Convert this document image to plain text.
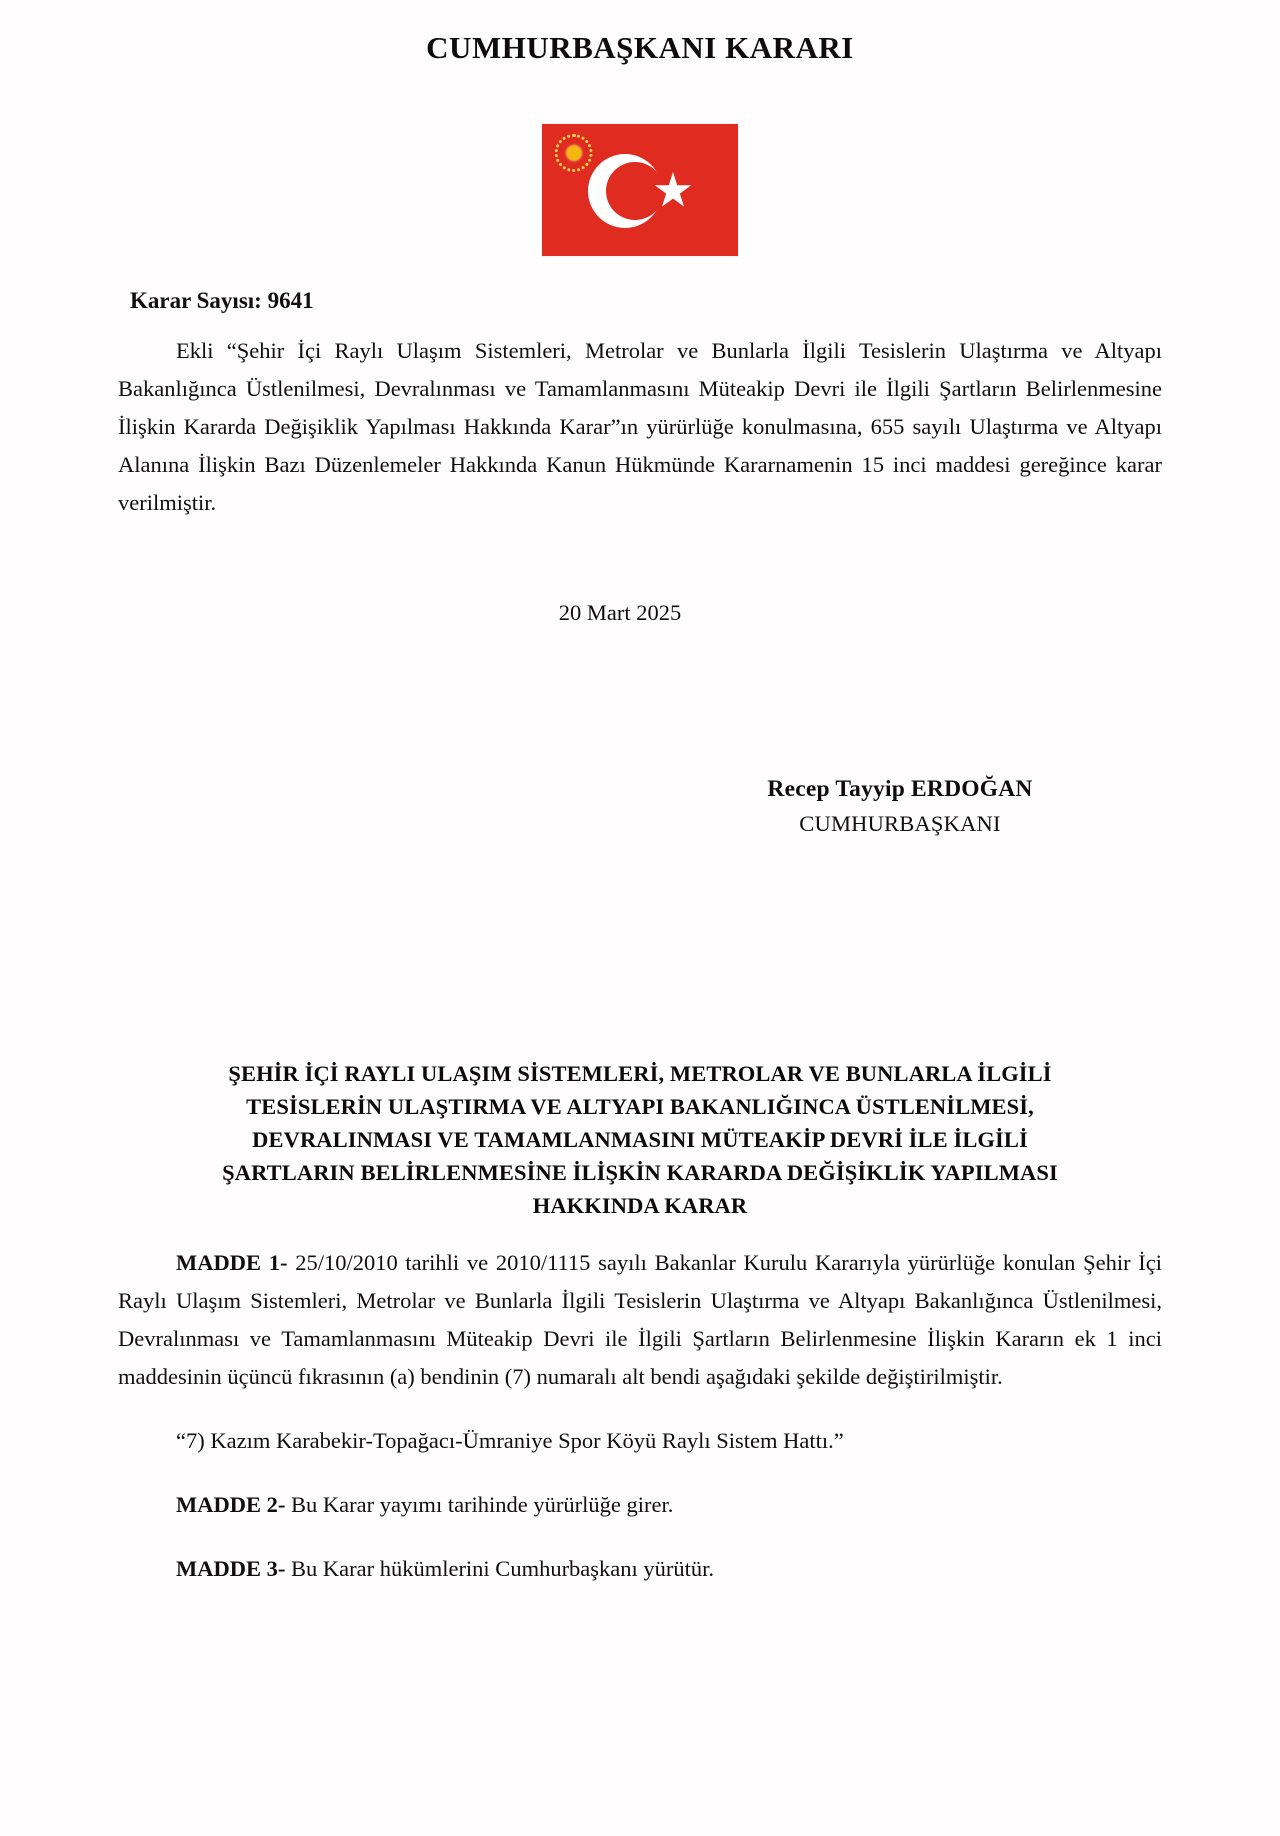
CUMHURBAŞKANI KARARI
Karar Sayısı: 9641

Ekli “Şehir İçi Raylı Ulaşım Sistemleri, Metrolar ve Bunlarla İlgili Tesislerin Ulaştırma ve Altyapı Bakanlığınca Üstlenilmesi, Devralınması ve Tamamlanmasını Müteakip Devri ile İlgili Şartların Belirlenmesine İlişkin Kararda Değişiklik Yapılması Hakkında Karar”ın yürürlüğe konulmasına, 655 sayılı Ulaştırma ve Altyapı Alanına İlişkin Bazı Düzenlemeler Hakkında Kanun Hükmünde Kararnamenin 15 inci maddesi gereğince karar verilmiştir.

20 Mart 2025
Recep Tayyip ERDOĞAN
CUMHURBAŞKANI
ŞEHİR İÇİ RAYLI ULAŞIM SİSTEMLERİ, METROLAR VE BUNLARLA İLGİLİ
TESİSLERİN ULAŞTIRMA VE ALTYAPI BAKANLIĞINCA ÜSTLENİLMESİ,
DEVRALINMASI VE TAMAMLANMASINI MÜTEAKİP DEVRİ İLE İLGİLİ
ŞARTLARIN BELİRLENMESİNE İLİŞKİN KARARDA DEĞİŞİKLİK YAPILMASI
HAKKINDA KARAR

MADDE 1- 25/10/2010 tarihli ve 2010/1115 sayılı Bakanlar Kurulu Kararıyla yürürlüğe konulan Şehir İçi Raylı Ulaşım Sistemleri, Metrolar ve Bunlarla İlgili Tesislerin Ulaştırma ve Altyapı Bakanlığınca Üstlenilmesi, Devralınması ve Tamamlanmasını Müteakip Devri ile İlgili Şartların Belirlenmesine İlişkin Kararın ek 1 inci maddesinin üçüncü fıkrasının (a) bendinin (7) numaralı alt bendi aşağıdaki şekilde değiştirilmiştir.

“7) Kazım Karabekir-Topağacı-Ümraniye Spor Köyü Raylı Sistem Hattı.”

MADDE 2- Bu Karar yayımı tarihinde yürürlüğe girer.

MADDE 3- Bu Karar hükümlerini Cumhurbaşkanı yürütür.
